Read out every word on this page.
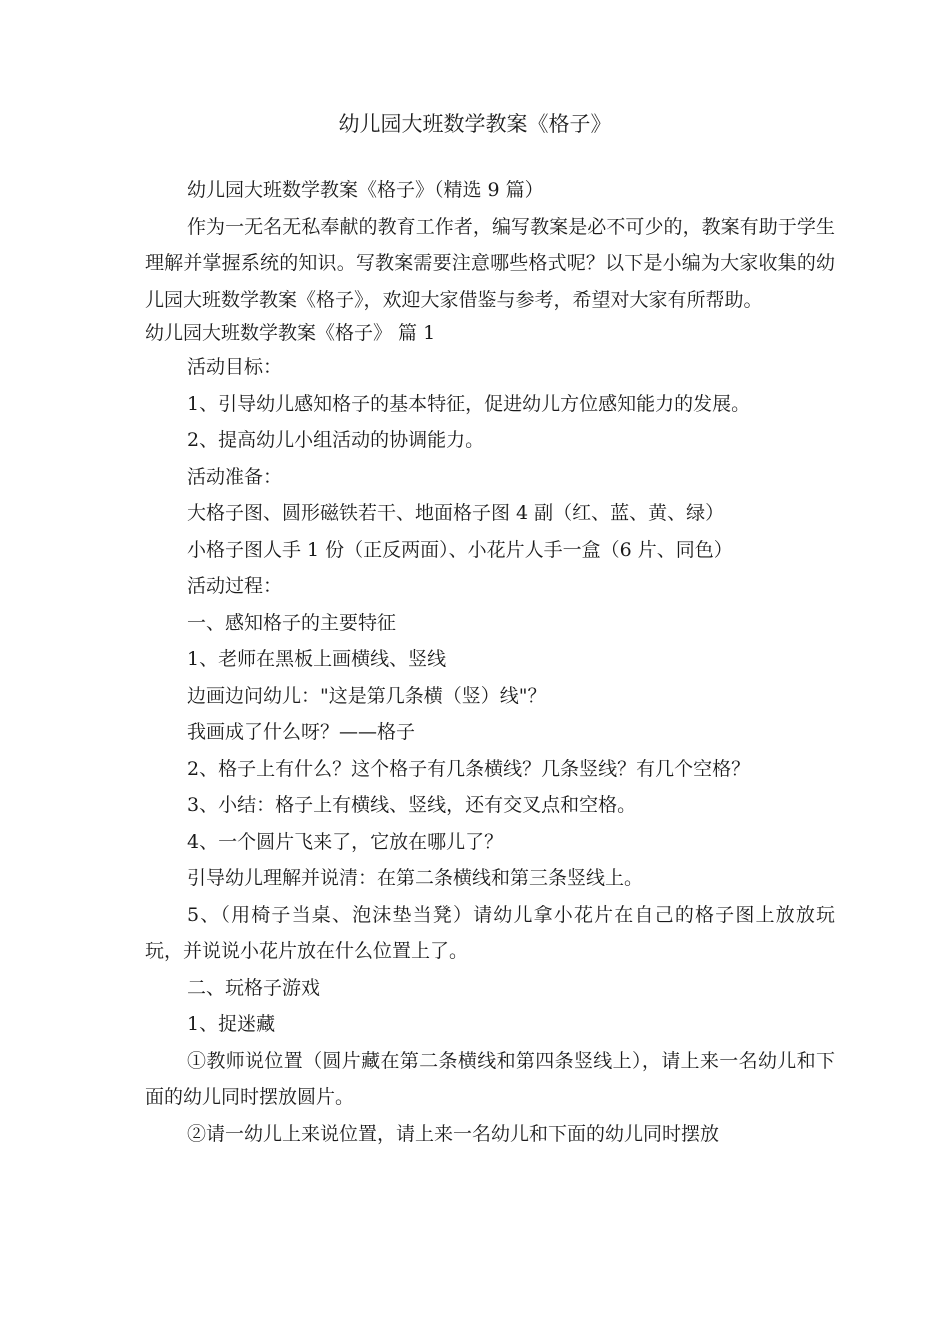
幼儿园大班数学教案《格子》

幼儿园大班数学教案《格子》（精选 9 篇）

作为一无名无私奉献的教育工作者，编写教案是必不可少的，教案有助于学生理解并掌握系统的知识。写教案需要注意哪些格式呢？以下是小编为大家收集的幼儿园大班数学教案《格子》，欢迎大家借鉴与参考，希望对大家有所帮助。

幼儿园大班数学教案《格子》 篇 1

活动目标：

1、引导幼儿感知格子的基本特征，促进幼儿方位感知能力的发展。

2、提高幼儿小组活动的协调能力。

活动准备：

大格子图、圆形磁铁若干、地面格子图 4 副（红、蓝、黄、绿）

小格子图人手 1 份（正反两面）、小花片人手一盒（6 片、同色）

活动过程：

一、感知格子的主要特征

1、老师在黑板上画横线、竖线

边画边问幼儿："这是第几条横（竖）线"？

我画成了什么呀？——格子

2、格子上有什么？这个格子有几条横线？几条竖线？有几个空格？

3、小结：格子上有横线、竖线，还有交叉点和空格。

4、一个圆片飞来了，它放在哪儿了？

引导幼儿理解并说清：在第二条横线和第三条竖线上。

5、（用椅子当桌、泡沫垫当凳）请幼儿拿小花片在自己的格子图上放放玩玩，并说说小花片放在什么位置上了。

二、玩格子游戏

1、捉迷藏

①教师说位置（圆片藏在第二条横线和第四条竖线上），请上来一名幼儿和下面的幼儿同时摆放圆片。

②请一幼儿上来说位置，请上来一名幼儿和下面的幼儿同时摆放
